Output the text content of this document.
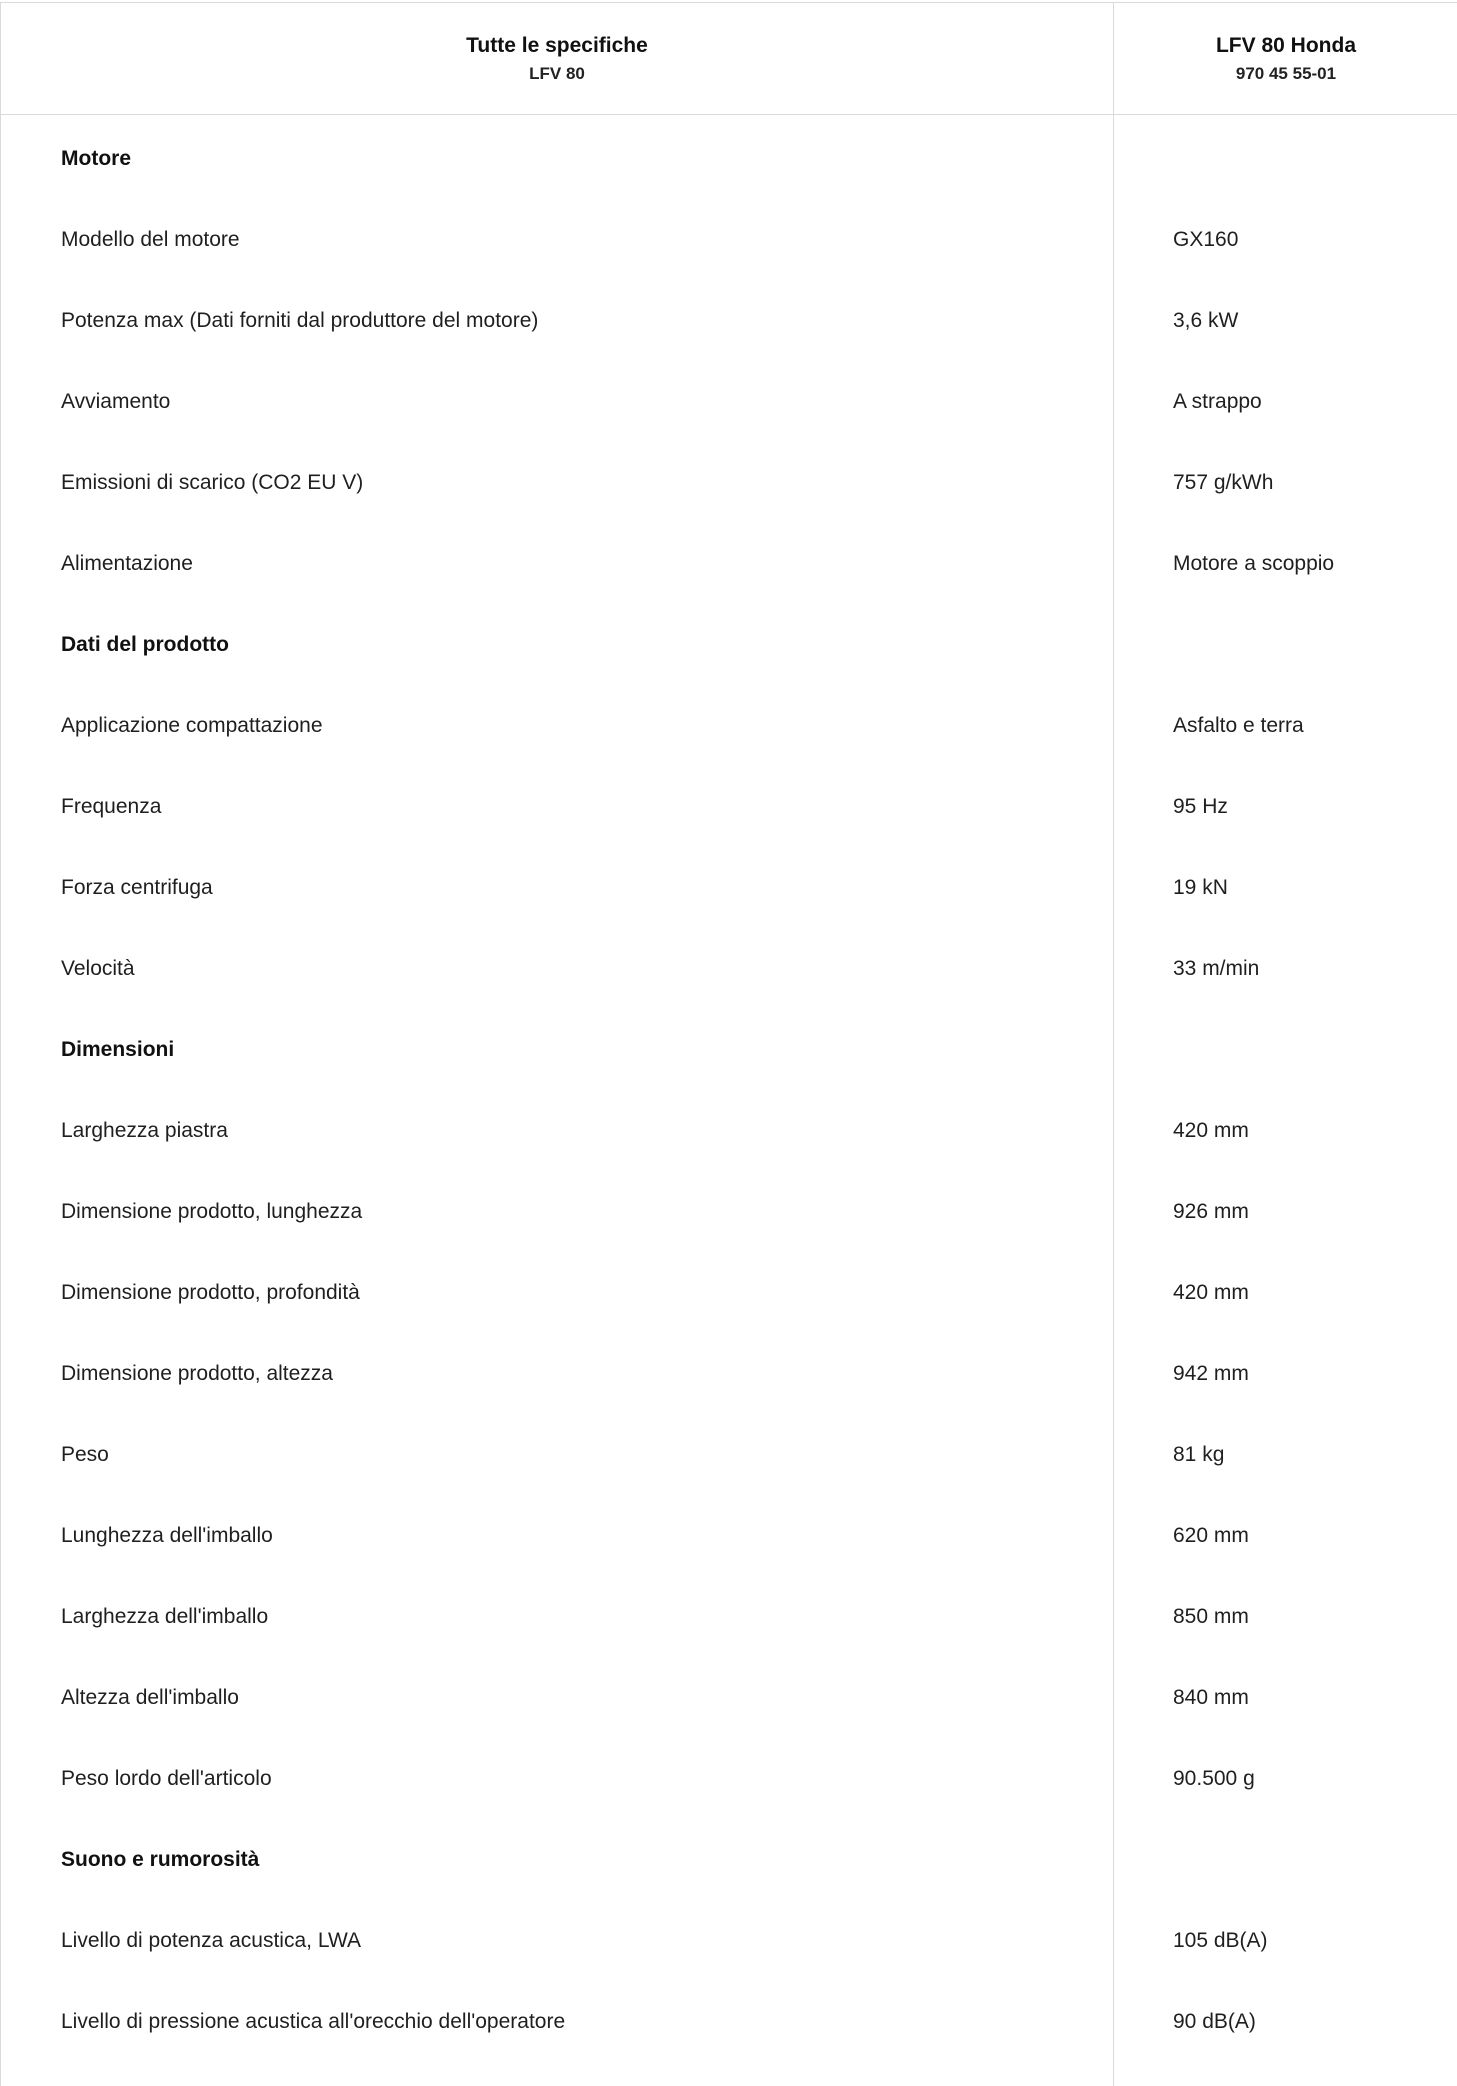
Tutte le specifiche
LFV 80
LFV 80 Honda
970 45 55-01
Motore
Modello del motore	GX160
Potenza max (Dati forniti dal produttore del motore)	3,6 kW
Avviamento	A strappo
Emissioni di scarico (CO2 EU V)	757 g/kWh
Alimentazione	Motore a scoppio
Dati del prodotto
Applicazione compattazione	Asfalto e terra
Frequenza	95 Hz
Forza centrifuga	19 kN
Velocità	33 m/min
Dimensioni
Larghezza piastra	420 mm
Dimensione prodotto, lunghezza	926 mm
Dimensione prodotto, profondità	420 mm
Dimensione prodotto, altezza	942 mm
Peso	81 kg
Lunghezza dell'imballo	620 mm
Larghezza dell'imballo	850 mm
Altezza dell'imballo	840 mm
Peso lordo dell'articolo	90.500 g
Suono e rumorosità
Livello di potenza acustica, LWA	105 dB(A)
Livello di pressione acustica all'orecchio dell'operatore	90 dB(A)
